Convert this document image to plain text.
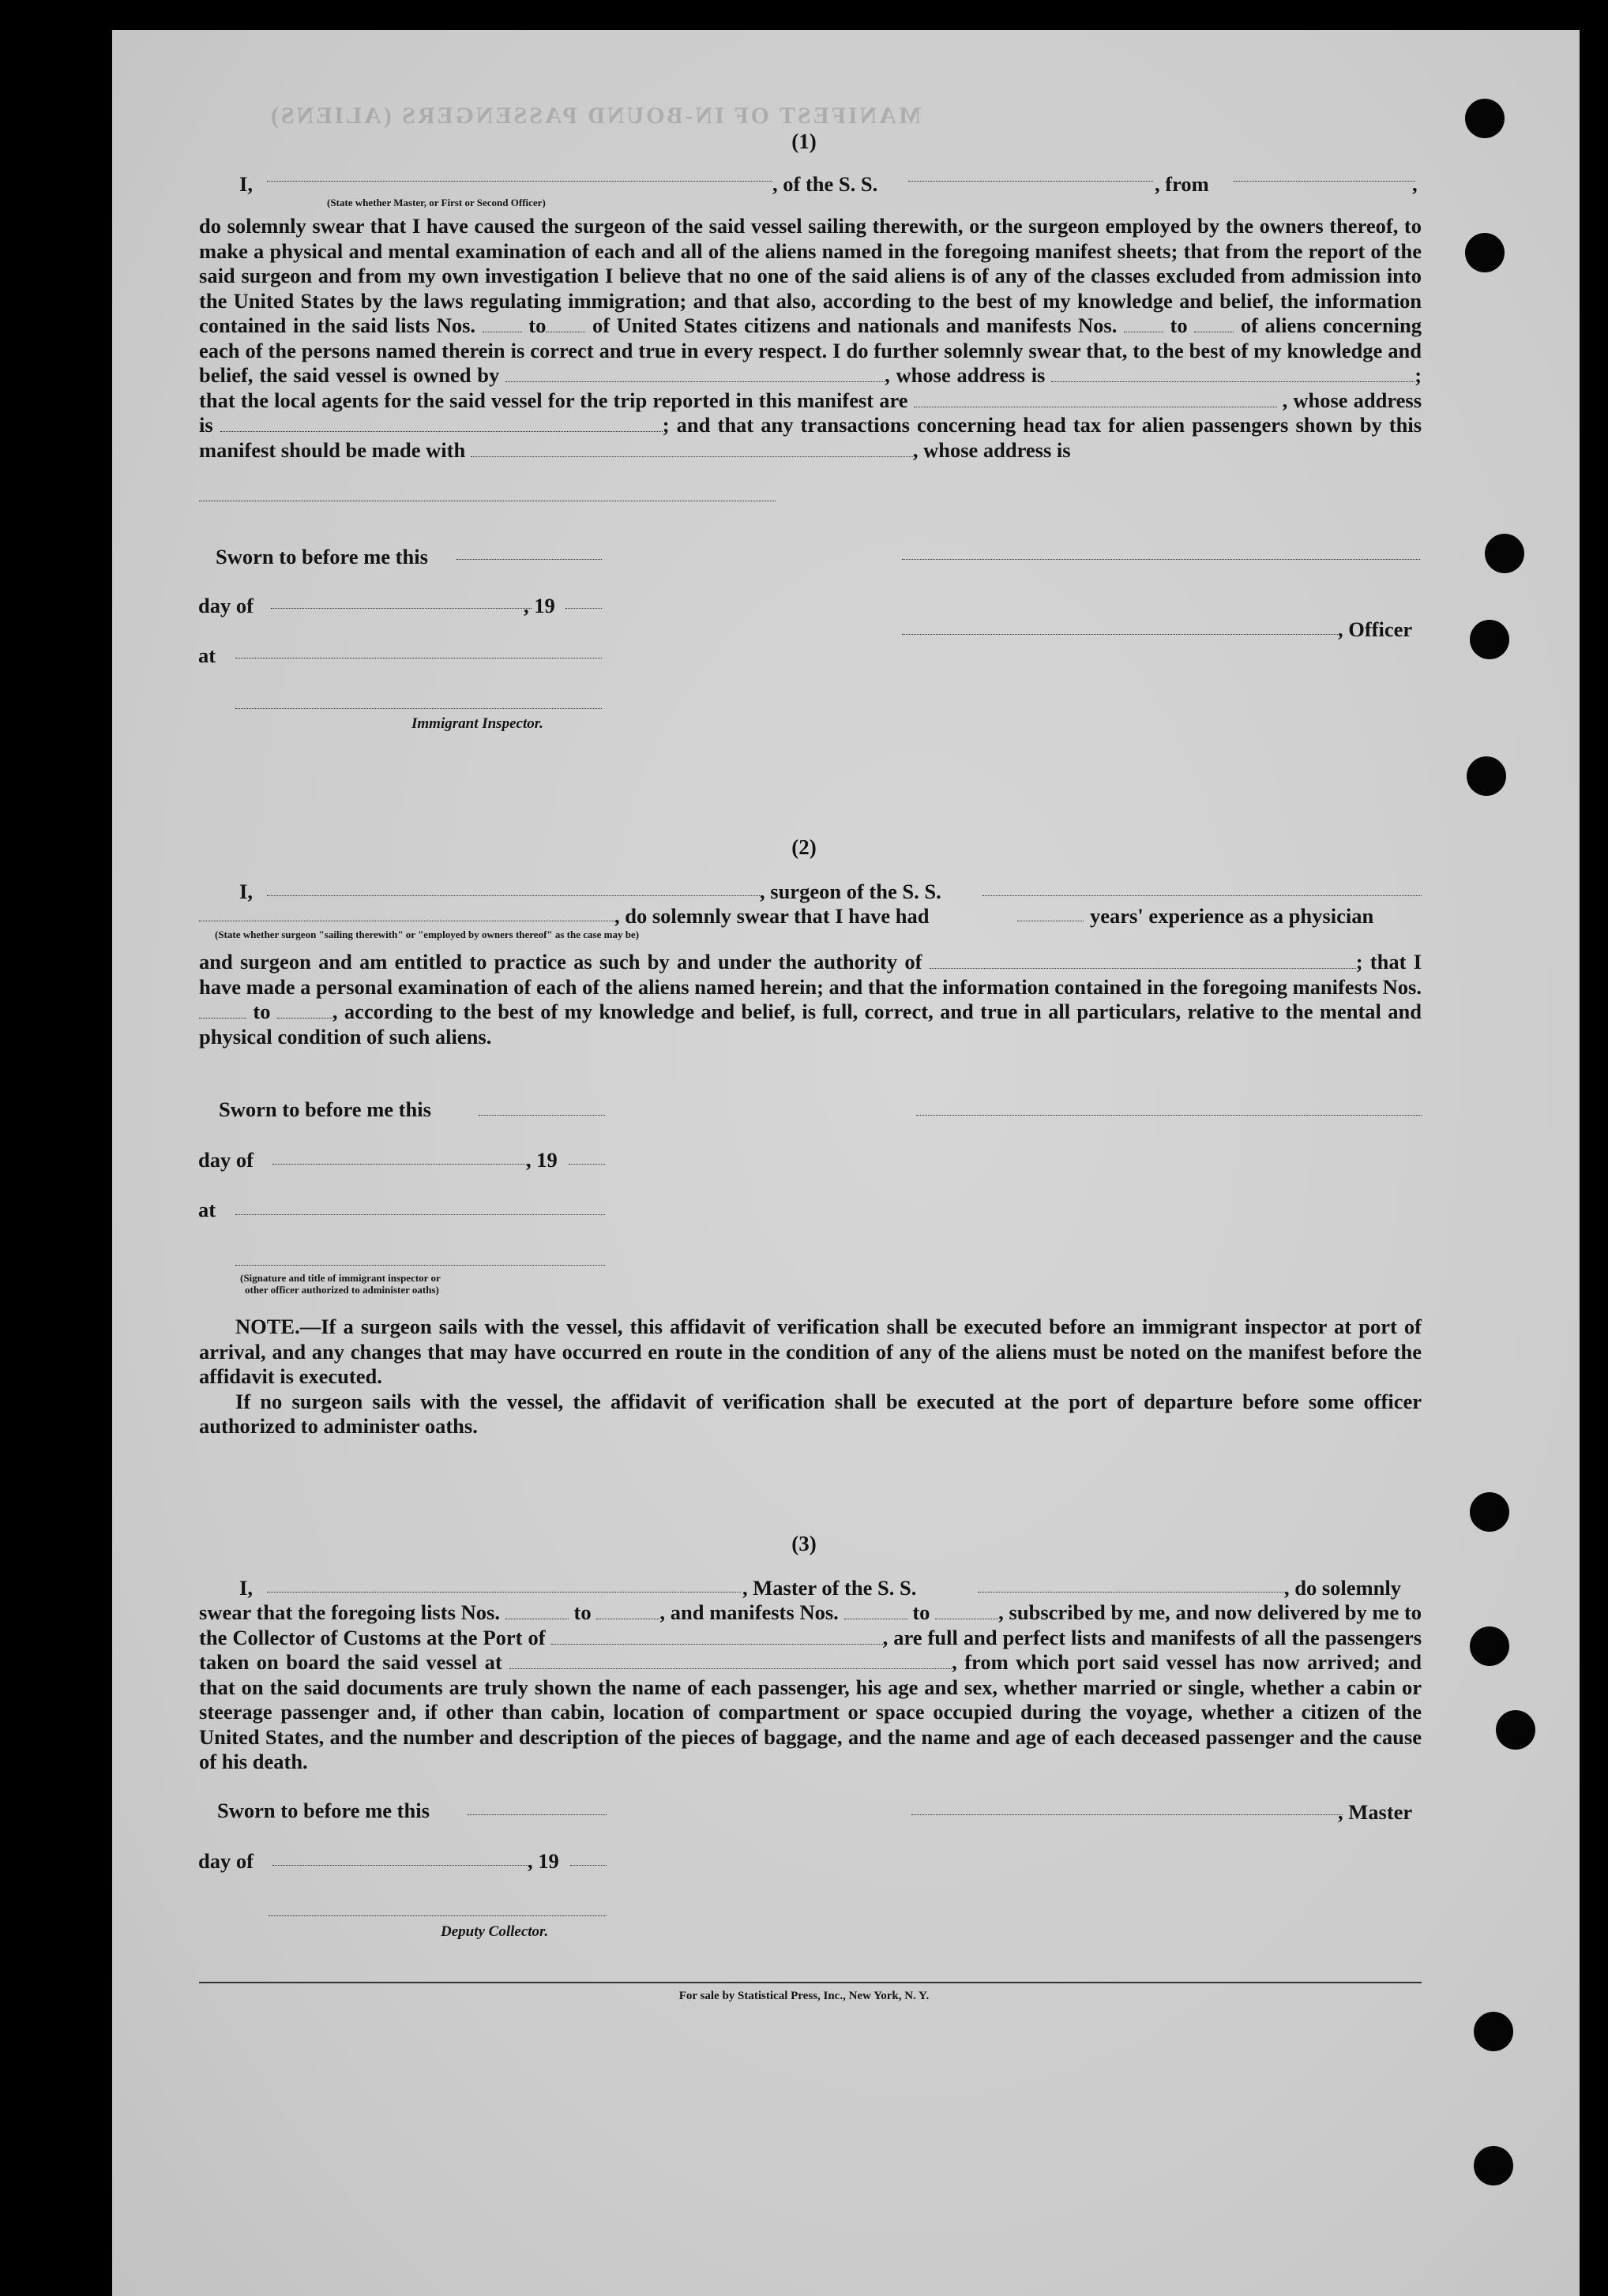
MANIFEST OF IN-BOUND PASSENGERS (ALIENS)
(1)
I,	, of the S. S.	, from	,
(State whether Master, or First or Second Officer)

do solemnly swear that I have caused the surgeon of the said vessel sailing therewith, or the surgeon employed by the owners thereof, to make a physical and mental examination of each and all of the aliens named in the foregoing manifest sheets; that from the report of the said surgeon and from my own investigation I believe that no one of the said aliens is of any of the classes excluded from admission into the United States by the laws regulating immigration; and that also, according to the best of my knowledge and belief, the information contained in the said lists Nos.	to of United States citizens and nationals and manifests Nos.	to	of aliens concerning each of the persons named therein is correct and true in every respect. I do further solemnly swear that, to the best of my knowledge and belief, the said vessel is owned by	, whose address is	; that the local agents for the said vessel for the trip reported in this manifest are	, whose address is	; and that any transactions concerning head tax for alien passengers shown by this manifest should be made with	, whose address is

Sworn to before me this
day of	, 19
, Officer
at
Immigrant Inspector.
(2)
I,	, surgeon of the S. S.
, do solemnly swear that I have had	years' experience as a physician
(State whether surgeon "sailing therewith" or "employed by owners thereof" as the case may be)

and surgeon and am entitled to practice as such by and under the authority of	; that I have made a personal examination of each of the aliens named herein; and that the information contained in the foregoing manifests Nos.  to	, according to the best of my knowledge and belief, is full, correct, and true in all particulars, relative to the mental and physical condition of such aliens.

Sworn to before me this
day of	, 19
at
(Signature and title of immigrant inspector or
other officer authorized to administer oaths)

NOTE.—If a surgeon sails with the vessel, this affidavit of verification shall be executed before an immigrant inspector at port of arrival, and any changes that may have occurred en route in the condition of any of the aliens must be noted on the manifest before the affidavit is executed.

If no surgeon sails with the vessel, the affidavit of verification shall be executed at the port of departure before some officer authorized to administer oaths.

(3)
I,	, Master of the S. S.	, do solemnly

swear that the foregoing lists Nos.	to	, and manifests Nos.	to	, subscribed by me, and now delivered by me to the Collector of Customs at the Port of	, are full and perfect lists and manifests of all the passengers taken on board the said vessel at	, from which port said vessel has now arrived; and that on the said documents are truly shown the name of each passenger, his age and sex, whether married or single, whether a cabin or steerage passenger and, if other than cabin, location of compartment or space occupied during the voyage, whether a citizen of the United States, and the number and description of the pieces of baggage, and the name and age of each deceased passenger and the cause of his death.

Sworn to before me this	, Master
day of	, 19
Deputy Collector.
For sale by Statistical Press, Inc., New York, N. Y.
